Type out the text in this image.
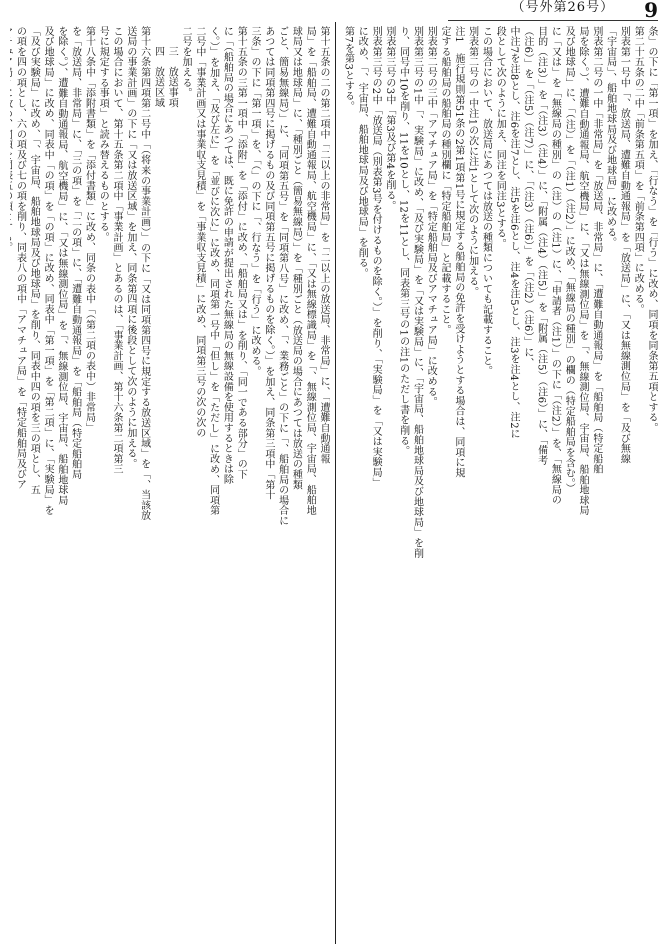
（号外第26号） 9
第十五条の二の第二項中「二以上の非常局」を「二以上の放送局、非常局」に、「遭難自動通報
局」を「船舶局、遭難自動通報局、航空機局」に、「又は無線標識局」を「、無線測位局、宇宙局、船舶地
球局又は地球局」に、「種別ごと（簡易無線局）」を「種別ごと（放送局の場合にあつては放送の種類
ごと、簡易無線局）」に、「同項第五号」を「同項第八号」に改め、「、業務ごと」の下に「、船舶局の場合に
あつては同項第四号に掲げるもの及び同項第五号に掲げるものを除く。）」を加え、同条第三項中「第十
三条」の下に「第一項」を、「（」の下に「、行なう」を「行う」に改める。
第十五条の三第一項中「添附」を「添付」に改め、「船舶局又は」を削り、「同一である部分」の下
に「（船舶局の場合にあつては、既に免許の申請が提出された無線局の無線設備を使用するときは除
く。）」を加え、「及び左に」を「並びに次に」に改め、同項第一号中「但し」を「ただし」に改め、同項第
二号中「事業計画又は事業収支見積」を「事業収支見積」に改め、同項第三号の次の次の
二号を加える。
三　放送事項
四　放送区域
第十六条第四項第二号中「（将来の事業計画）」の下に「又は同項第四号に規定する放送区域」を「、当該放
送局の事業計画」の下に「又は放送区域」を加え、同条第四項に後段として次のように加える。
この場合において、第十五条第二項中「事業計画」とあるのは、「事業計画、第十六条第二項第三
号に規定する事項」と読み替えるものとする。
第十八条中「添附書類」を「添付書類」に改め、同条の表中「（第二項の表中）非常局」
を「放送局、非常局」に、「三の項」を「二の項」に、「遭難自動通報局」を「船舶局（特定船舶局
を除く。）、遭難自動通報局、航空機局」に、「又は無線測位局」を「、無線測位局、宇宙局、船舶地球局
及び地球局」に改め、同表中「の項」を「の項」に改め、同表中「第一項」を「第二項」に、「実験局」を
「及び実験局」に改め、「、宇宙局、船舶地球局及び地球局」を削り、同表中四の項を三の項とし、五
の項を四の項とし、六の項及び七の項を削り、同表八の項中「アマチュア局」を「特定船舶局及びア	条」の下に「第一項」を加え、「行なう」を「行う」に改め、同項を同条第五項とする。
第二十五条の二中「前条第五項」を「前条第四項」に改める。
別表第一号中「、放送局、遭難自動通報局」を「放送局」に、「又は無線測位局」を「及び無線
「宇宙局」、船舶地球局及び地球局」に改める。
別表第二号の一中「非常局」を「放送局、非常局」に、「遭難自動通報局」を「船舶局（特定船舶
局を除く。）、遭難自動通報局、航空機局」に、「又は無線測位局」を「、無線測位局、宇宙局、船舶地球局
及び地球局」に、「（注）」を「（注1）（注2）」に改め、「無線局の種別」の欄の（特定船舶局を含む。）
に「又は」を「無線局の種別」の（注）の（注1）に、「申請者（注1）」の下に「（注2）」を、「無線局の
目的（注3）」を「（注3）（注4）」に、「附属（注4）（注5）」を「附属（注5）（注6）」に、「備考
（注6）」を「（注5）（注7）」に、「（注3）（注6）」を「（注2）（注6）」に、
中注7を注8とし、注6を注7とし、注5を注6とし、注4を注5とし、注3を注4とし、注2に
段として次のように加え、同注を同注3とする。
この場合において、放送局にあつては放送の種類についても記載すること。
別表第二号の一中注1の次に注1として次のように加える。
注1　施行規則第51条の2第1項第1号に規定する船舶局の免許を受けようとする場合は、同項に規
定する船舶局の船舶局の種別欄に「特定船舶局」と記載すること。
別表第二号の三中「アマチュア局」を「特定船舶局及びアマチュア局」に改める。
別表第三号の1中「、実験局」に改め、「及び実験局」を「又は実験局」に、「宇宙局、船舶地球局及び地球局」を削
り、同号中10を削り、11を10とし、12を11とし、同表第三号の1の注1のただし書を削る。
別表第三号の3中「第3及び第4を削る。
別表第三号の2中「放送局（別表第3号を付けるものを除く。）」を削り、「実験局」を「又は実験局」
に改め、「、宇宙局、船舶地球局及び地球局」を削る。
第7を第3とする。
